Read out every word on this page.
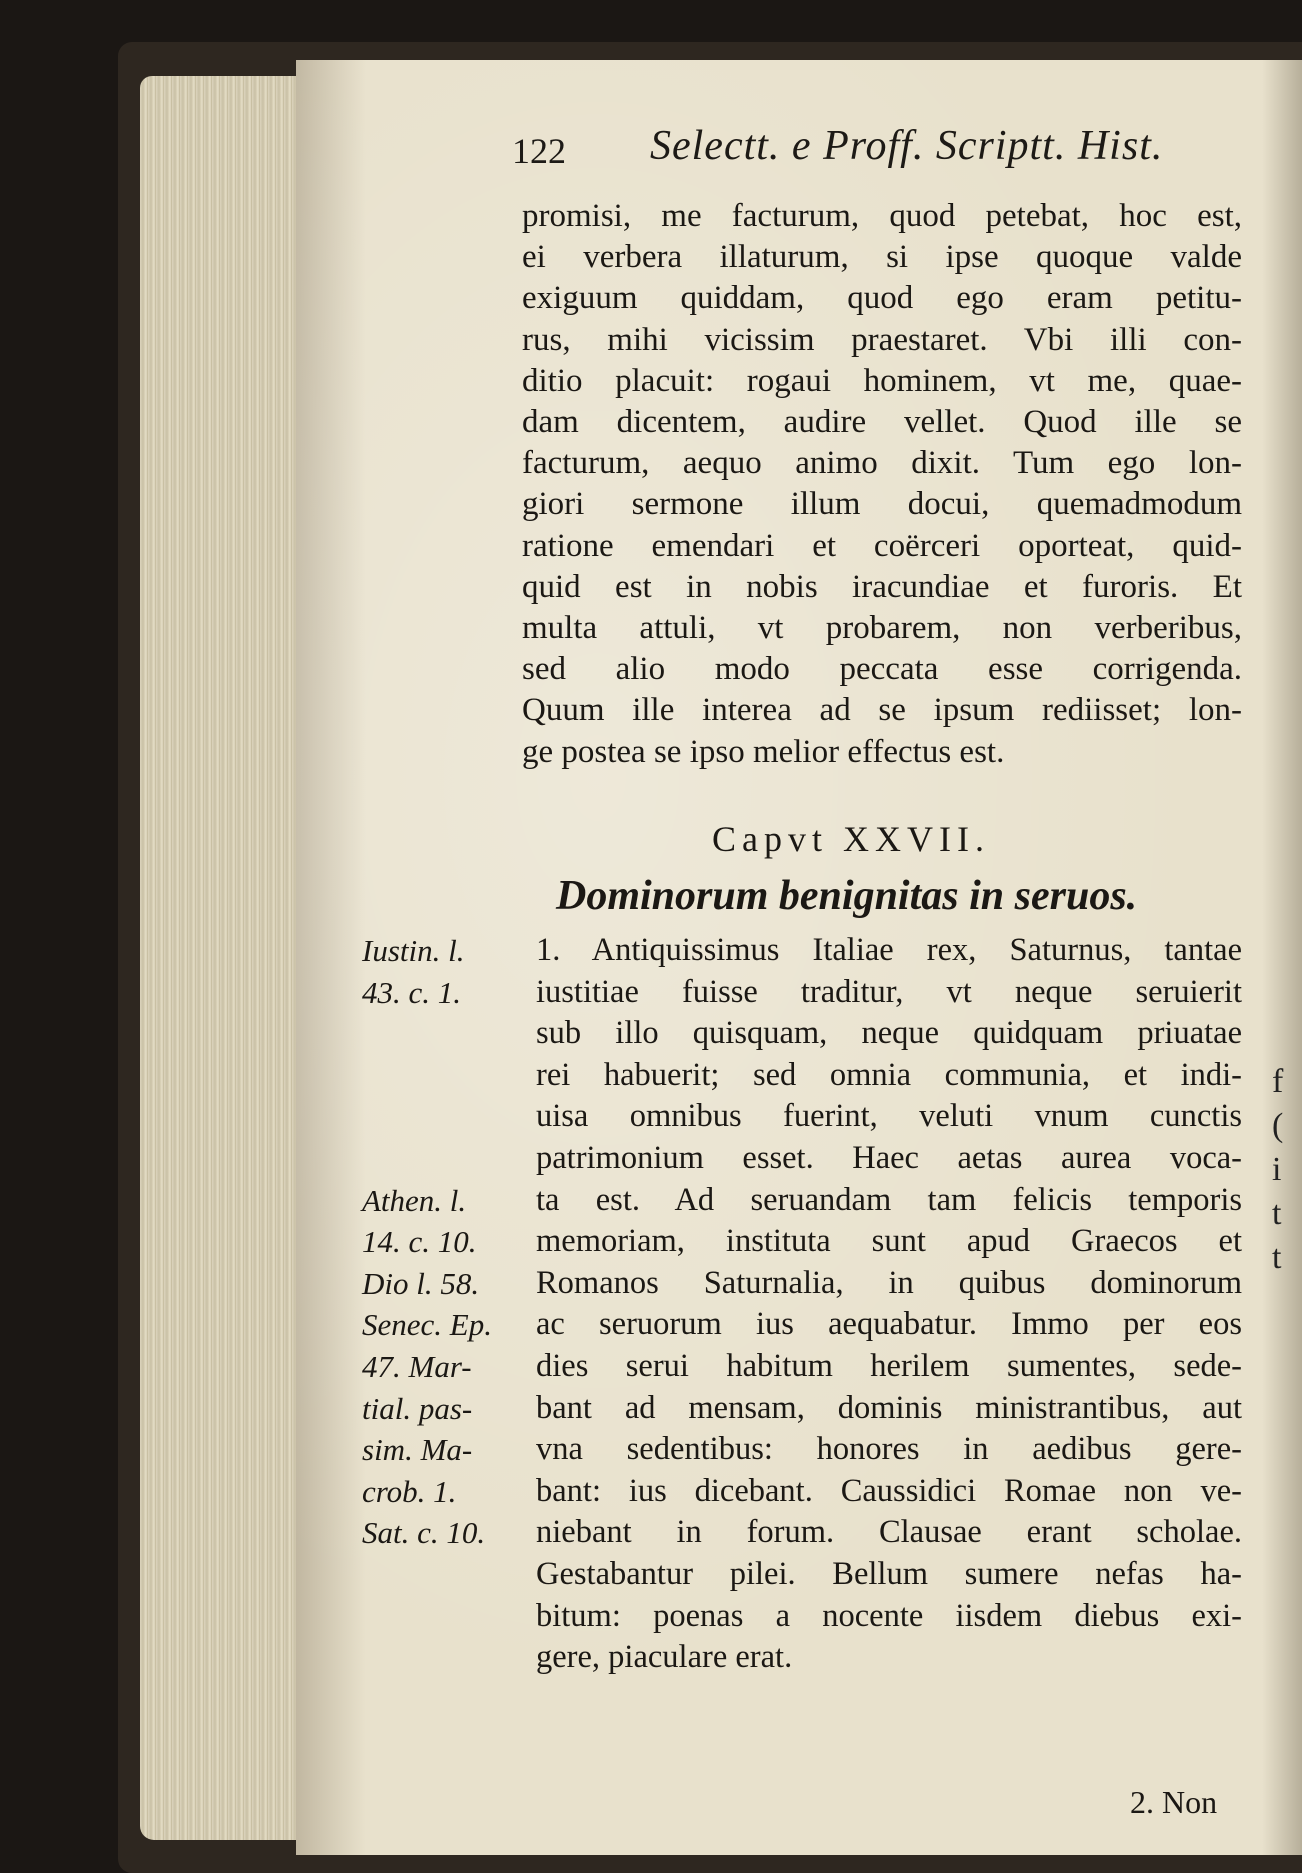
f
(
i
t
t
122 Selectt. e Proff. Scriptt. Hist.
promisi, me facturum, quod petebat, hoc est,
ei verbera illaturum, si ipse quoque valde
exiguum quiddam, quod ego eram petitu-
rus, mihi vicissim praestaret. Vbi illi con-
ditio placuit: rogaui hominem, vt me, quae-
dam dicentem, audire vellet. Quod ille se
facturum, aequo animo dixit. Tum ego lon-
giori sermone illum docui, quemadmodum
ratione emendari et coërceri oporteat, quid-
quid est in nobis iracundiae et furoris. Et
multa attuli, vt probarem, non verberibus,
sed alio modo peccata esse corrigenda.
Quum ille interea ad se ipsum rediisset; lon-
ge postea se ipso melior effectus est.
Capvt XXVII.
Dominorum benignitas in seruos.
Iustin. l.
43. c. 1.

Athen. l.
14. c. 10.
Dio l. 58.
Senec. Ep.
47. Mar-
tial. pas-
sim. Ma-
crob. 1.
Sat. c. 10.
1. Antiquissimus Italiae rex, Saturnus, tantae
iustitiae fuisse traditur, vt neque seruierit
sub illo quisquam, neque quidquam priuatae
rei habuerit; sed omnia communia, et indi-
uisa omnibus fuerint, veluti vnum cunctis
patrimonium esset. Haec aetas aurea voca-
ta est. Ad seruandam tam felicis temporis
memoriam, instituta sunt apud Graecos et
Romanos Saturnalia, in quibus dominorum
ac seruorum ius aequabatur. Immo per eos
dies serui habitum herilem sumentes, sede-
bant ad mensam, dominis ministrantibus, aut
vna sedentibus: honores in aedibus gere-
bant: ius dicebant. Caussidici Romae non ve-
niebant in forum. Clausae erant scholae.
Gestabantur pilei. Bellum sumere nefas ha-
bitum: poenas a nocente iisdem diebus exi-
gere, piaculare erat.
2. Non
